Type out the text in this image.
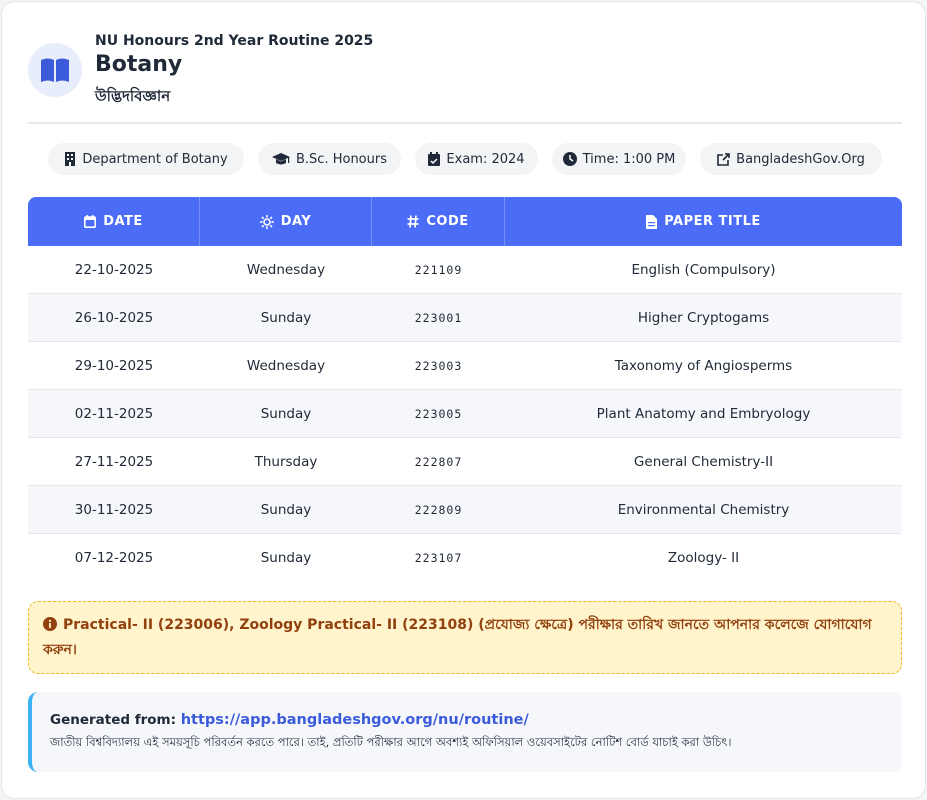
NU Honours 2nd Year Routine 2025
Botany
উদ্ভিদবিজ্ঞান
Department of Botany	B.Sc. Honours	Exam: 2024	Time: 1:00 PM	BangladeshGov.Org
DATE	DAY	CODE	PAPER TITLE
22-10-2025	Wednesday	221109	English (Compulsory)
26-10-2025	Sunday	223001	Higher Cryptogams
29-10-2025	Wednesday	223003	Taxonomy of Angiosperms
02-11-2025	Sunday	223005	Plant Anatomy and Embryology
27-11-2025	Thursday	222807	General Chemistry-II
30-11-2025	Sunday	222809	Environmental Chemistry
07-12-2025	Sunday	223107	Zoology- II
Practical- II (223006), Zoology Practical- II (223108) (প্রযোজ্য ক্ষেত্রে) পরীক্ষার তারিখ জানতে আপনার কলেজে যোগাযোগ করুন।
Generated from: https://app.bangladeshgov.org/nu/routine/
জাতীয় বিশ্ববিদ্যালয় এই সময়সূচি পরিবর্তন করতে পারে। তাই, প্রতিটি পরীক্ষার আগে অবশ্যই অফিসিয়াল ওয়েবসাইটের নোটিশ বোর্ড যাচাই করা উচিৎ।
